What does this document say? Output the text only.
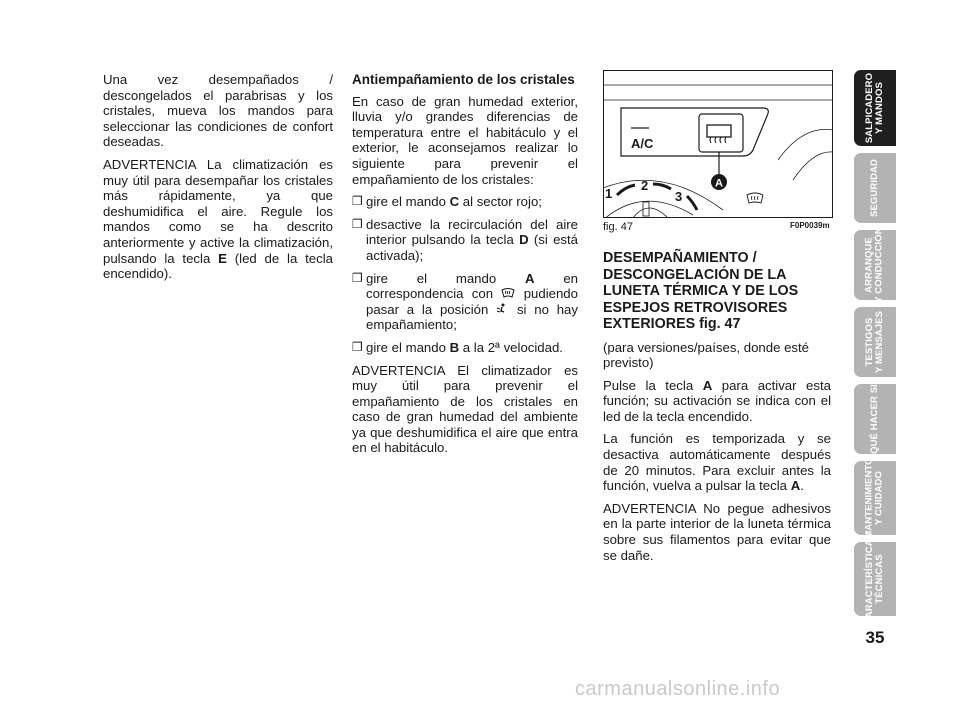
Una vez desempañados / descongelados el parabrisas y los cristales, mueva los mandos para seleccionar las condiciones de confort deseadas.

ADVERTENCIA La climatización es muy útil para desempañar los cristales más rápidamente, ya que deshumidifica el aire. Regule los mandos como se ha descrito anteriormente y active la climatización, pulsando la tecla E (led de la tecla encendido).

Antiempañamiento de los cristales

En caso de gran humedad exterior, lluvia y/o grandes diferencias de temperatura entre el habitáculo y el exterior, le aconsejamos realizar lo siguiente para prevenir el empañamiento de los cristales:

❒ gire el mando C al sector rojo;
❒ desactive la recirculación del aire interior pulsando la tecla D (si está activada);
❒ gire el mando A en correspondencia con pudiendo pasar a la posición si no hay empañamiento;
❒ gire el mando B a la 2ª velocidad.

ADVERTENCIA El climatizador es muy útil para prevenir el empañamiento de los cristales en caso de gran humedad del ambiente ya que deshumidifica el aire que entra en el habitáculo.

A/C
A
1
2
3
fig. 47	F0P0039m

DESEMPAÑAMIENTO / DESCONGELACIÓN DE LA LUNETA TÉRMICA Y DE LOS ESPEJOS RETROVISORES EXTERIORES fig. 47

(para versiones/países, donde esté previsto)

Pulse la tecla A para activar esta función; su activación se indica con el led de la tecla encendido.

La función es temporizada y se desactiva automáticamente después de 20 minutos. Para excluir antes la función, vuelva a pulsar la tecla A.

ADVERTENCIA No pegue adhesivos en la parte interior de la luneta térmica sobre sus filamentos para evitar que se dañe.

SALPICADERO
Y MANDOS
SEGURIDAD
ARRANQUE
Y CONDUCCIÓN
TESTIGOS
Y MENSAJES
QUÉ HACER SI
MANTENIMIENTO
Y CUIDADO
CARACTERÍSTICAS
TÉCNICAS
35
carmanualsonline.info
